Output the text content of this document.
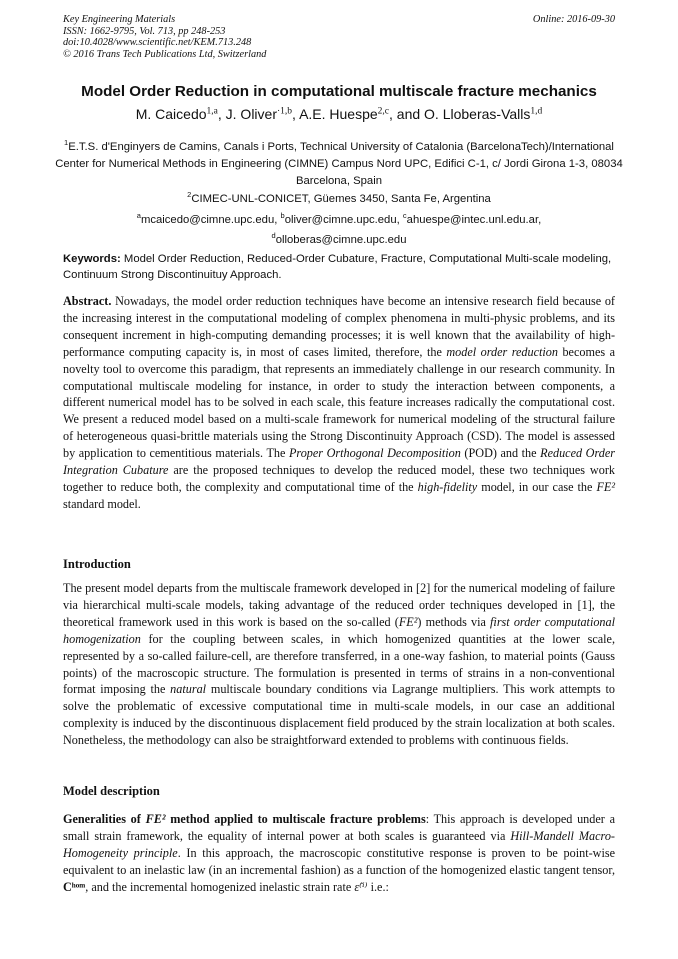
Key Engineering Materials
ISSN: 1662-9795, Vol. 713, pp 248-253
doi:10.4028/www.scientific.net/KEM.713.248
© 2016 Trans Tech Publications Ltd, Switzerland
Online: 2016-09-30
Model Order Reduction in computational multiscale fracture mechanics
M. Caicedo$^{1,a}$, J. Oliver$^{\cdot 1,b}$, A.E. Huespe$^{2,c}$, and O. Lloberas-Valls$^{1,d}$
$^1$E.T.S. d'Enginyers de Camins, Canals i Ports, Technical University of Catalonia (BarcelonaTech)/International Center for Numerical Methods in Engineering (CIMNE) Campus Nord UPC, Edifici C-1, c/ Jordi Girona 1-3, 08034 Barcelona, Spain
$^2$CIMEC-UNL-CONICET, Güemes 3450, Santa Fe, Argentina
$^a$mcaicedo@cimne.upc.edu, $^b$oliver@cimne.upc.edu, $^c$ahuespe@intec.unl.edu.ar,
$^d$olloberas@cimne.upc.edu
Keywords: Model Order Reduction, Reduced-Order Cubature, Fracture, Computational Multi-scale modeling, Continuum Strong Discontinuituy Approach.
Abstract. Nowadays, the model order reduction techniques have become an intensive research field because of the increasing interest in the computational modeling of complex phenomena in multi-physic problems, and its consequent increment in high-computing demanding processes; it is well known that the availability of high-performance computing capacity is, in most of cases limited, therefore, the model order reduction becomes a novelty tool to overcome this paradigm, that represents an immediately challenge in our research community. In computational multiscale modeling for instance, in order to study the interaction between components, a different numerical model has to be solved in each scale, this feature increases radically the computational cost. We present a reduced model based on a multi-scale framework for numerical modeling of the structural failure of heterogeneous quasi-brittle materials using the Strong Discontinuity Approach (CSD). The model is assessed by application to cementitious materials. The Proper Orthogonal Decomposition (POD) and the Reduced Order Integration Cubature are the proposed techniques to develop the reduced model, these two techniques work together to reduce both, the complexity and computational time of the high-fidelity model, in our case the FE² standard model.
Introduction
The present model departs from the multiscale framework developed in [2] for the numerical modeling of failure via hierarchical multi-scale models, taking advantage of the reduced order techniques developed in [1], the theoretical framework used in this work is based on the so-called (FE²) methods via first order computational homogenization for the coupling between scales, in which homogenized quantities at the lower scale, represented by a so-called failure-cell, are therefore transferred, in a one-way fashion, to material points (Gauss points) of the macroscopic structure. The formulation is presented in terms of strains in a non-conventional format imposing the natural multiscale boundary conditions via Lagrange multipliers. This work attempts to solve the problematic of excessive computational time in multi-scale models, in our case an additional complexity is induced by the discontinuous displacement field produced by the strain localization at both scales. Nonetheless, the methodology can also be straightforward extended to problems with continuous fields.
Model description
Generalities of FE² method applied to multiscale fracture problems: This approach is developed under a small strain framework, the equality of internal power at both scales is guaranteed via Hill-Mandell Macro-Homogeneity principle. In this approach, the macroscopic constitutive response is proven to be point-wise equivalent to an inelastic law (in an incremental fashion) as a function of the homogenized elastic tangent tensor, Cʰᵒᵐ, and the incremental homogenized inelastic strain rate ε̇⁽ⁱ⁾ i.e.:
